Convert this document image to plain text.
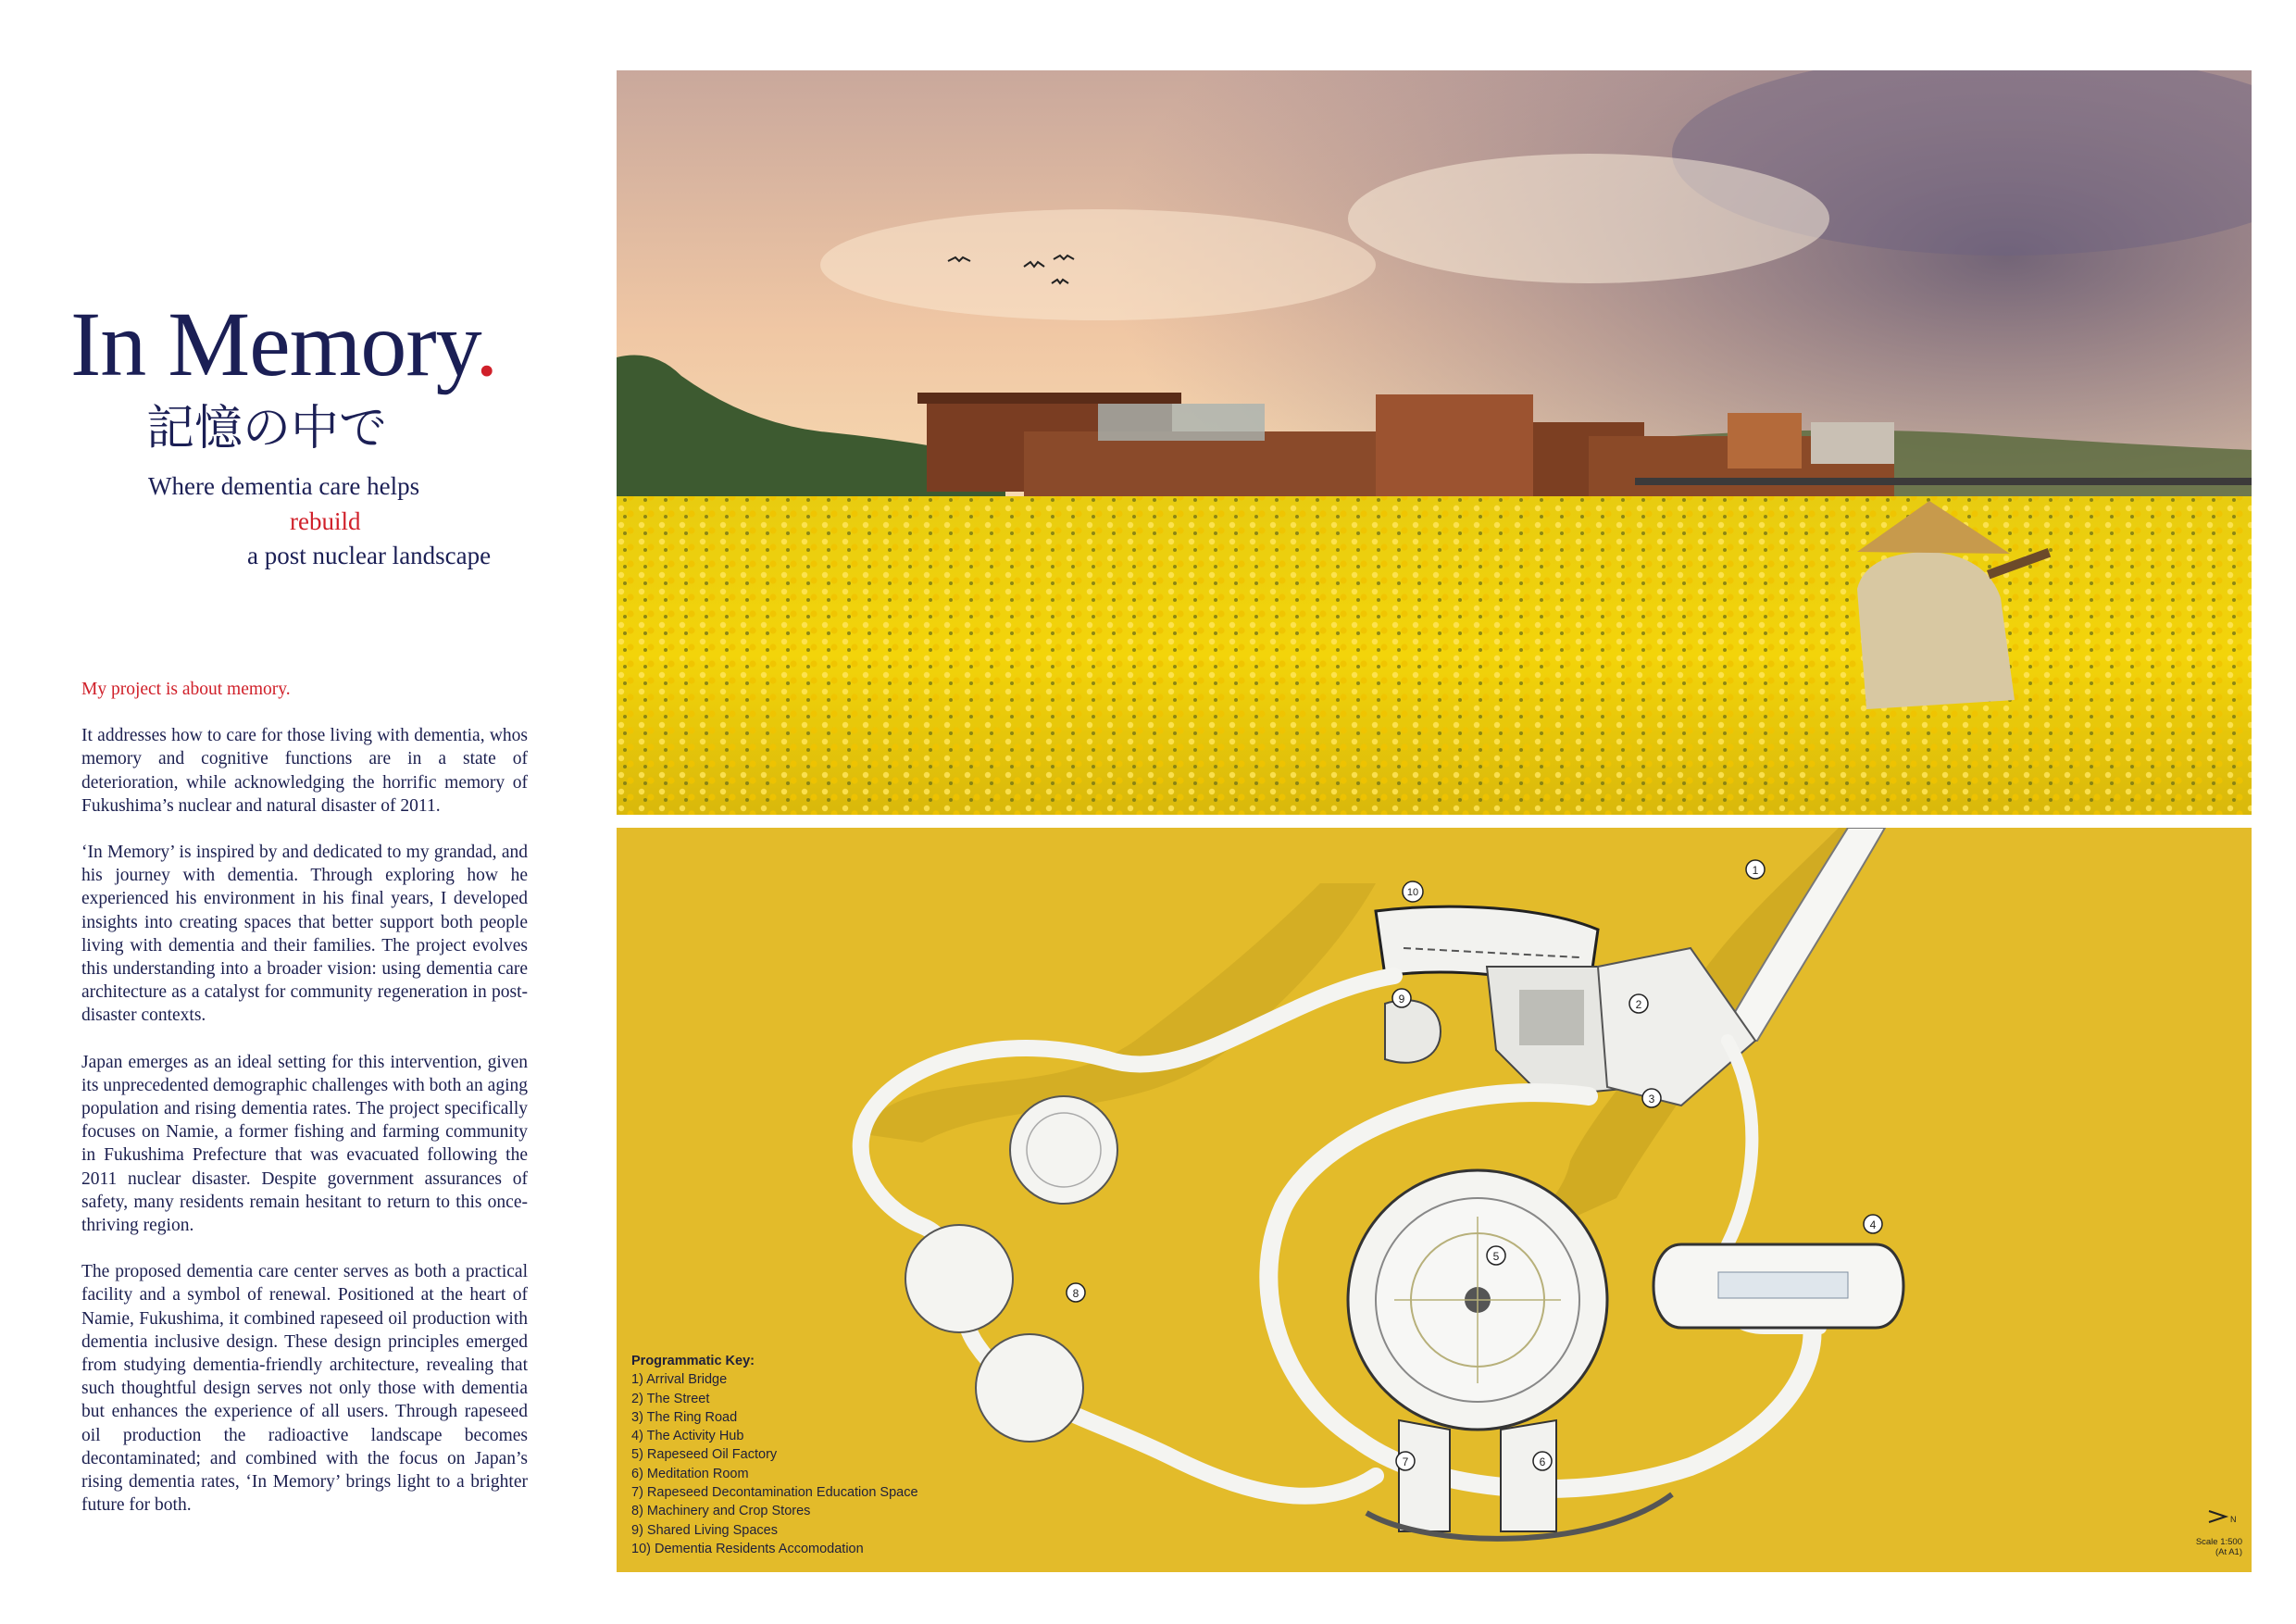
In Memory.
記憶の中で
Where dementia care helps
rebuild
a post nuclear landscape

My project is about memory.

It addresses how to care for those living with dementia, whos memory and cognitive functions are in a state of deterioration, while acknowledging the horrific memory of Fukushima’s nuclear and natural disaster of 2011.

‘In Memory’ is inspired by and dedicated to my grandad, and his journey with dementia. Through exploring how he experienced his environment in his final years, I developed insights into creating spaces that better support both people living with dementia and their families. The project evolves this understanding into a broader vision: using dementia care architecture as a catalyst for community regeneration in post-disaster contexts.

Japan emerges as an ideal setting for this intervention, given its unprecedented demographic challenges with both an aging population and rising dementia rates. The project specifically focuses on Namie, a former fishing and farming community in Fukushima Prefecture that was evacuated following the 2011 nuclear disaster. Despite government assurances of safety, many residents remain hesitant to return to this once-thriving region.

The proposed dementia care center serves as both a practical facility and a symbol of renewal. Positioned at the heart of Namie, Fukushima, it combined rapeseed oil production with dementia inclusive design. These design principles emerged from studying dementia-friendly architecture, revealing that such thoughtful design serves not only those with dementia but enhances the experience of all users. Through rapeseed oil production the radioactive landscape becomes decontaminated; and combined with the focus on Japan’s rising dementia rates, ‘In Memory’ brings light to a brighter future for both.

1
2
3
4
5
6
7
8
9
10
N
Programmatic Key:
1) Arrival Bridge
2) The Street
3) The Ring Road
4) The Activity Hub
5) Rapeseed Oil Factory
6) Meditation Room
7) Rapeseed Decontamination Education Space
8) Machinery and Crop Stores
9) Shared Living Spaces
10) Dementia Residents Accomodation	Scale 1:500
(At A1)
